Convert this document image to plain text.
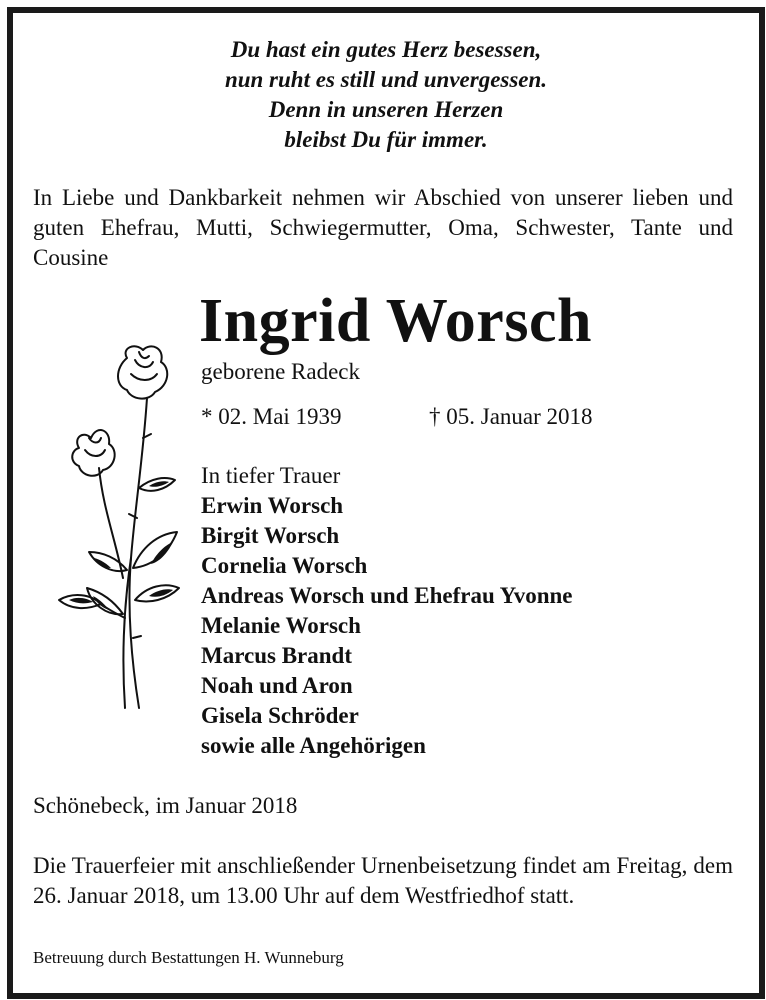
Du hast ein gutes Herz besessen,
nun ruht es still und unvergessen.
Denn in unseren Herzen
bleibst Du für immer.
In Liebe und Dankbarkeit nehmen wir Abschied von unserer lieben und guten Ehefrau, Mutti, Schwiegermutter, Oma, Schwester, Tante und Cousine
Ingrid Worsch
geborene Radeck
* 02. Mai 1939	† 05. Januar 2018
In tiefer Trauer
Erwin Worsch
Birgit Worsch
Cornelia Worsch
Andreas Worsch und Ehefrau Yvonne
Melanie Worsch
Marcus Brandt
Noah und Aron
Gisela Schröder
sowie alle Angehörigen
Schönebeck, im Januar 2018
Die Trauerfeier mit anschließender Urnenbeisetzung findet am Freitag, dem 26. Januar 2018, um 13.00 Uhr auf dem Westfriedhof statt.
Betreuung durch Bestattungen H. Wunneburg
